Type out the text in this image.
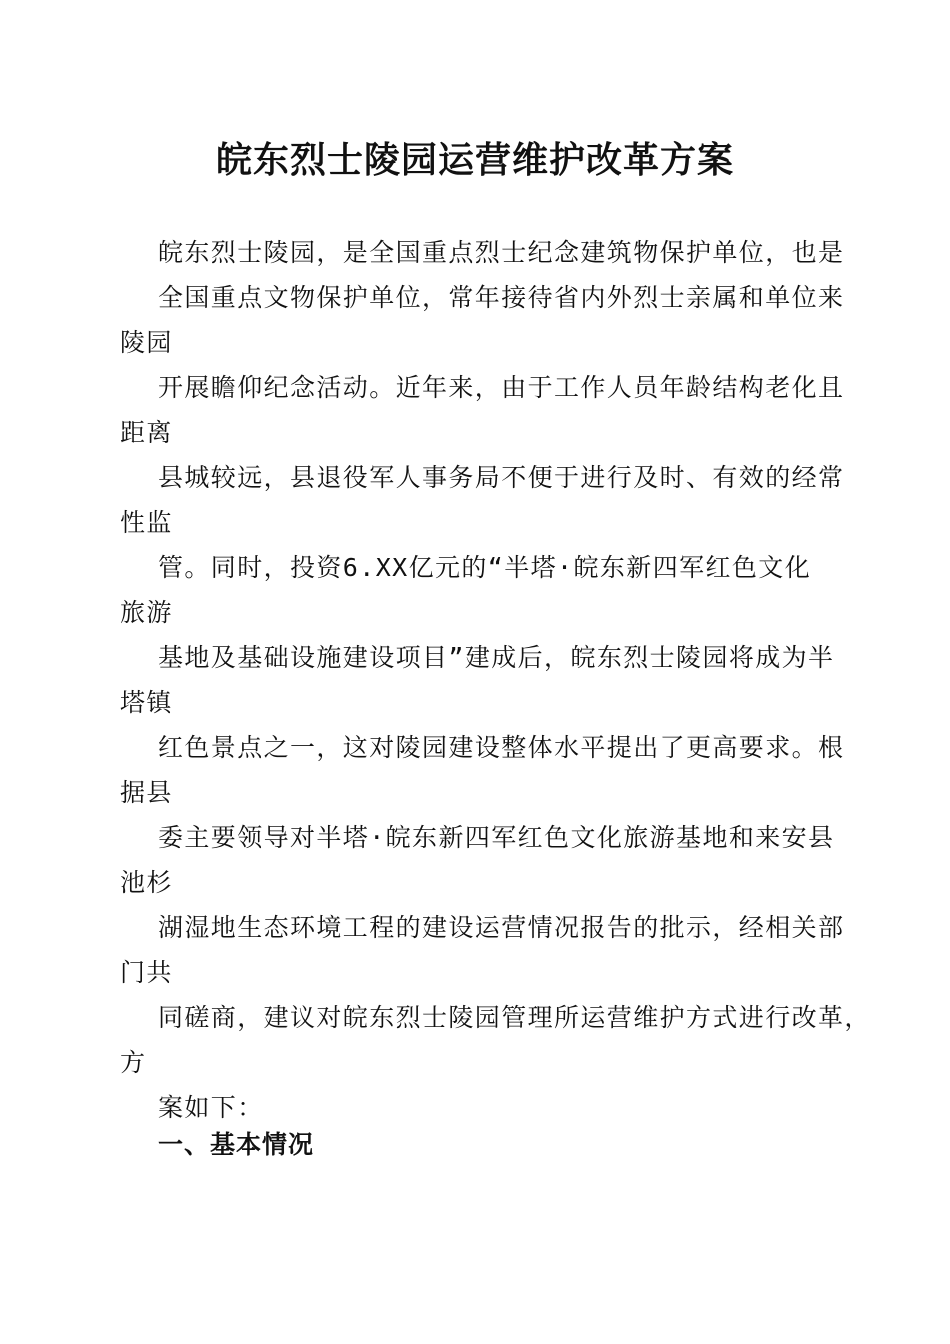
皖东烈士陵园运营维护改革方案
皖东烈士陵园，是全国重点烈士纪念建筑物保护单位，也是
全国重点文物保护单位，常年接待省内外烈士亲属和单位来
陵园
开展瞻仰纪念活动。近年来，由于工作人员年龄结构老化且
距离
县城较远，县退役军人事务局不便于进行及时、有效的经常
性监
管。同时，投资6.XX亿元的“半塔·皖东新四军红色文化
旅游
基地及基础设施建设项目”建成后，皖东烈士陵园将成为半
塔镇
红色景点之一，这对陵园建设整体水平提出了更高要求。根
据县
委主要领导对半塔·皖东新四军红色文化旅游基地和来安县
池杉
湖湿地生态环境工程的建设运营情况报告的批示，经相关部
门共
同磋商，建议对皖东烈士陵园管理所运营维护方式进行改革，
方
案如下：
一、基本情况
